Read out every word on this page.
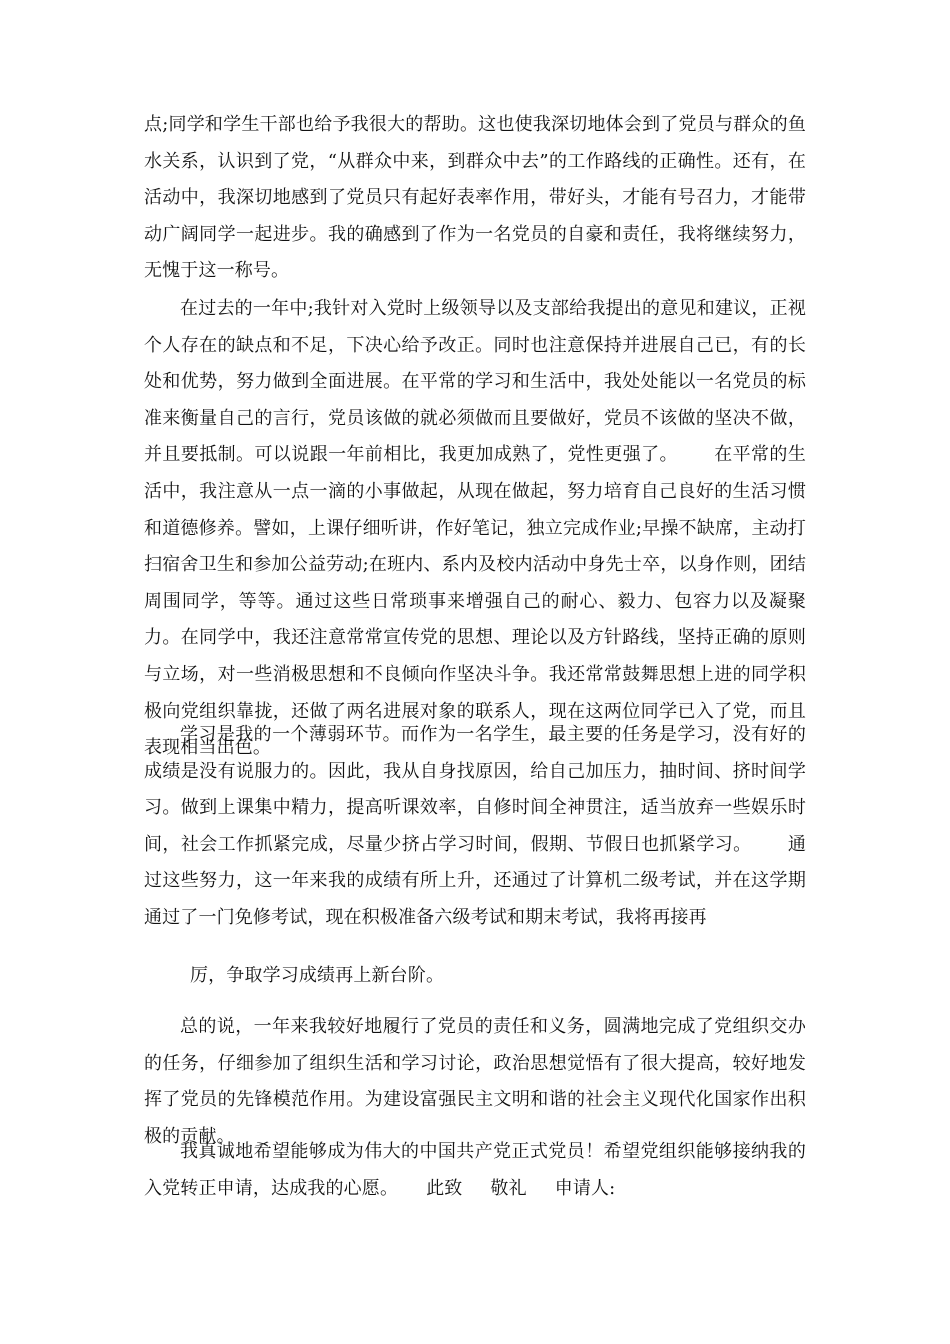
点;同学和学生干部也给予我很大的帮助。这也使我深切地体会到了党员与群众的鱼水关系，认识到了党，“从群众中来，到群众中去”的工作路线的正确性。还有，在活动中，我深切地感到了党员只有起好表率作用，带好头，才能有号召力，才能带动广阔同学一起进步。我的确感到了作为一名党员的自豪和责任，我将继续努力，无愧于这一称号。

在过去的一年中;我针对入党时上级领导以及支部给我提出的意见和建议，正视个人存在的缺点和不足，下决心给予改正。同时也注意保持并进展自己已，有的长处和优势，努力做到全面进展。在平常的学习和生活中，我处处能以一名党员的标准来衡量自己的言行，党员该做的就必须做而且要做好，党员不该做的坚决不做，并且要抵制。可以说跟一年前相比，我更加成熟了，党性更强了。 在平常的生活中，我注意从一点一滴的小事做起，从现在做起，努力培育自己良好的生活习惯和道德修养。譬如，上课仔细听讲，作好笔记，独立完成作业;早操不缺席，主动打扫宿舍卫生和参加公益劳动;在班内、系内及校内活动中身先士卒，以身作则，团结周围同学，等等。通过这些日常琐事来增强自己的耐心、毅力、包容力以及凝聚力。在同学中，我还注意常常宣传党的思想、理论以及方针路线，坚持正确的原则与立场，对一些消极思想和不良倾向作坚决斗争。我还常常鼓舞思想上进的同学积极向党组织靠拢，还做了两名进展对象的联系人，现在这两位同学已入了党，而且表现相当出色。

学习是我的一个薄弱环节。而作为一名学生，最主要的任务是学习，没有好的成绩是没有说服力的。因此，我从自身找原因，给自己加压力，抽时间、挤时间学习。做到上课集中精力，提高听课效率，自修时间全神贯注，适当放弃一些娱乐时间，社会工作抓紧完成，尽量少挤占学习时间，假期、节假日也抓紧学习。 通过这些努力，这一年来我的成绩有所上升，还通过了计算机二级考试，并在这学期通过了一门免修考试，现在积极准备六级考试和期末考试，我将再接再

厉，争取学习成绩再上新台阶。

总的说，一年来我较好地履行了党员的责任和义务，圆满地完成了党组织交办的任务，仔细参加了组织生活和学习讨论，政治思想觉悟有了很大提高，较好地发挥了党员的先锋模范作用。为建设富强民主文明和谐的社会主义现代化国家作出积极的贡献。

我真诚地希望能够成为伟大的中国共产党正式党员！希望党组织能够接纳我的入党转正申请，达成我的心愿。 此致 敬礼 申请人:
